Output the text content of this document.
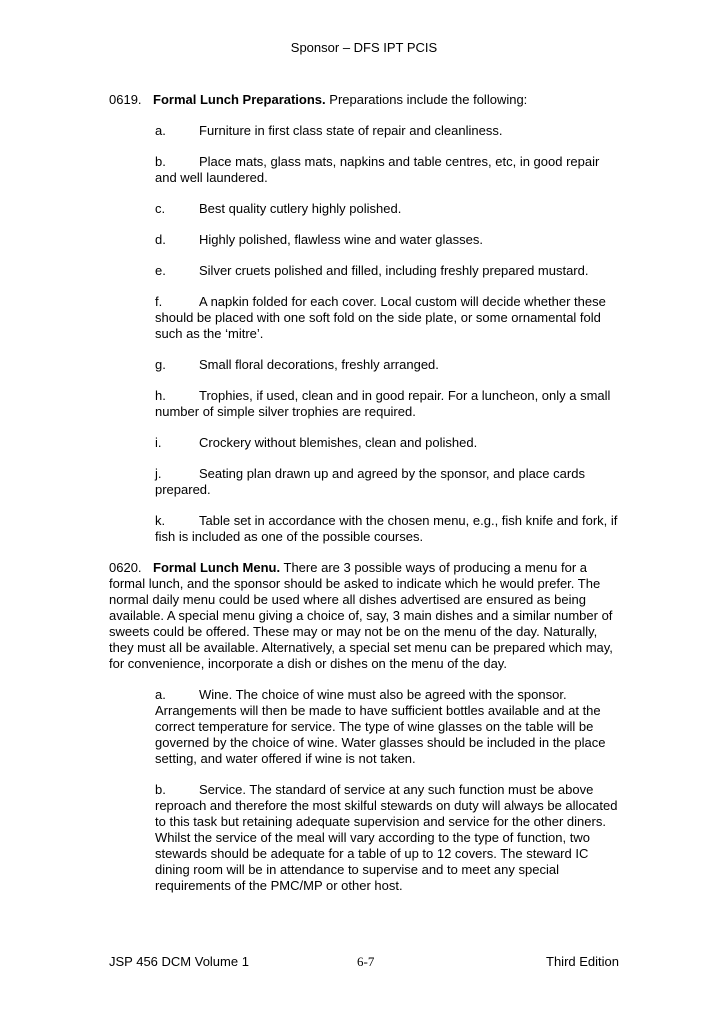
Sponsor – DFS IPT PCIS

0619. Formal Lunch Preparations. Preparations include the following:

a.	Furniture in first class state of repair and cleanliness.

b.	Place mats, glass mats, napkins and table centres, etc, in good repair and well laundered.

c.	Best quality cutlery highly polished.

d.	Highly polished, flawless wine and water glasses.

e.	Silver cruets polished and filled, including freshly prepared mustard.

f.	A napkin folded for each cover. Local custom will decide whether these should be placed with one soft fold on the side plate, or some ornamental fold such as the ‘mitre’.

g.	Small floral decorations, freshly arranged.

h.	Trophies, if used, clean and in good repair. For a luncheon, only a small number of simple silver trophies are required.

i.	Crockery without blemishes, clean and polished.

j.	Seating plan drawn up and agreed by the sponsor, and place cards prepared.

k.	Table set in accordance with the chosen menu, e.g., fish knife and fork, if fish is included as one of the possible courses.

0620. Formal Lunch Menu. There are 3 possible ways of producing a menu for a formal lunch, and the sponsor should be asked to indicate which he would prefer. The normal daily menu could be used where all dishes advertised are ensured as being available. A special menu giving a choice of, say, 3 main dishes and a similar number of sweets could be offered. These may or may not be on the menu of the day. Naturally, they must all be available. Alternatively, a special set menu can be prepared which may, for convenience, incorporate a dish or dishes on the menu of the day.

a.	Wine. The choice of wine must also be agreed with the sponsor. Arrangements will then be made to have sufficient bottles available and at the correct temperature for service. The type of wine glasses on the table will be governed by the choice of wine. Water glasses should be included in the place setting, and water offered if wine is not taken.

b.	Service. The standard of service at any such function must be above reproach and therefore the most skilful stewards on duty will always be allocated to this task but retaining adequate supervision and service for the other diners. Whilst the service of the meal will vary according to the type of function, two stewards should be adequate for a table of up to 12 covers. The steward IC dining room will be in attendance to supervise and to meet any special requirements of the PMC/MP or other host.

JSP 456 DCM Volume 1	6-7	Third Edition
